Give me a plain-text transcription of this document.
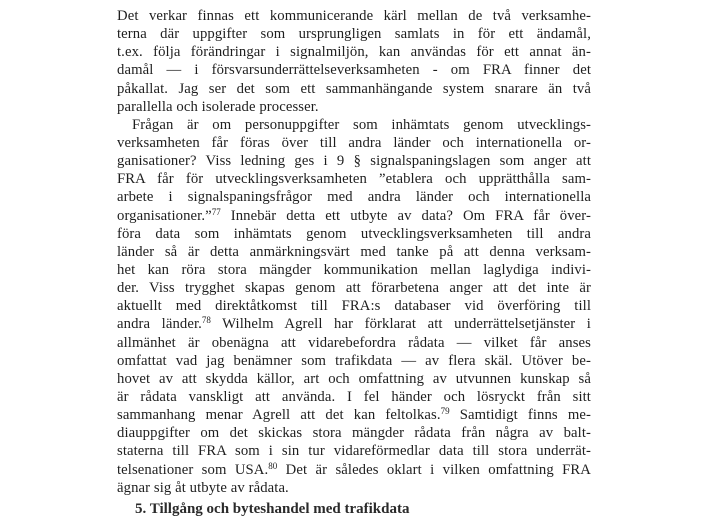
Det verkar finnas ett kommunicerande kärl mellan de två verksamhe-
terna där uppgifter som ursprungligen samlats in för ett ändamål,
t.ex. följa förändringar i signalmiljön, kan användas för ett annat än-
damål — i försvarsunderrättelseverksamheten - om FRA finner det
påkallat. Jag ser det som ett sammanhängande system snarare än två
parallella och isolerade processer.
Frågan är om personuppgifter som inhämtats genom utvecklings-
verksamheten får föras över till andra länder och internationella or-
ganisationer? Viss ledning ges i 9 § signalspaningslagen som anger att
FRA får för utvecklingsverksamheten ”etablera och upprätthålla sam-
arbete i signalspaningsfrågor med andra länder och internationella
organisationer.”$^{77}$ Innebär detta ett utbyte av data? Om FRA får över-
föra data som inhämtats genom utvecklingsverksamheten till andra
länder så är detta anmärkningsvärt med tanke på att denna verksam-
het kan röra stora mängder kommunikation mellan laglydiga indivi-
der. Viss trygghet skapas genom att förarbetena anger att det inte är
aktuellt med direktåtkomst till FRA:s databaser vid överföring till
andra länder.$^{78}$ Wilhelm Agrell har förklarat att underrättelsetjänster i
allmänhet är obenägna att vidarebefordra rådata — vilket får anses
omfattat vad jag benämner som trafikdata — av flera skäl. Utöver be-
hovet av att skydda källor, art och omfattning av utvunnen kunskap så
är rådata vanskligt att använda. I fel händer och lösryckt från sitt
sammanhang menar Agrell att det kan feltolkas.$^{79}$ Samtidigt finns me-
diauppgifter om det skickas stora mängder rådata från några av balt-
staterna till FRA som i sin tur vidareförmedlar data till stora underrät-
telsenationer som USA.$^{80}$ Det är således oklart i vilken omfattning FRA
ägnar sig åt utbyte av rådata.
5. Tillgång och byteshandel med trafikdata
